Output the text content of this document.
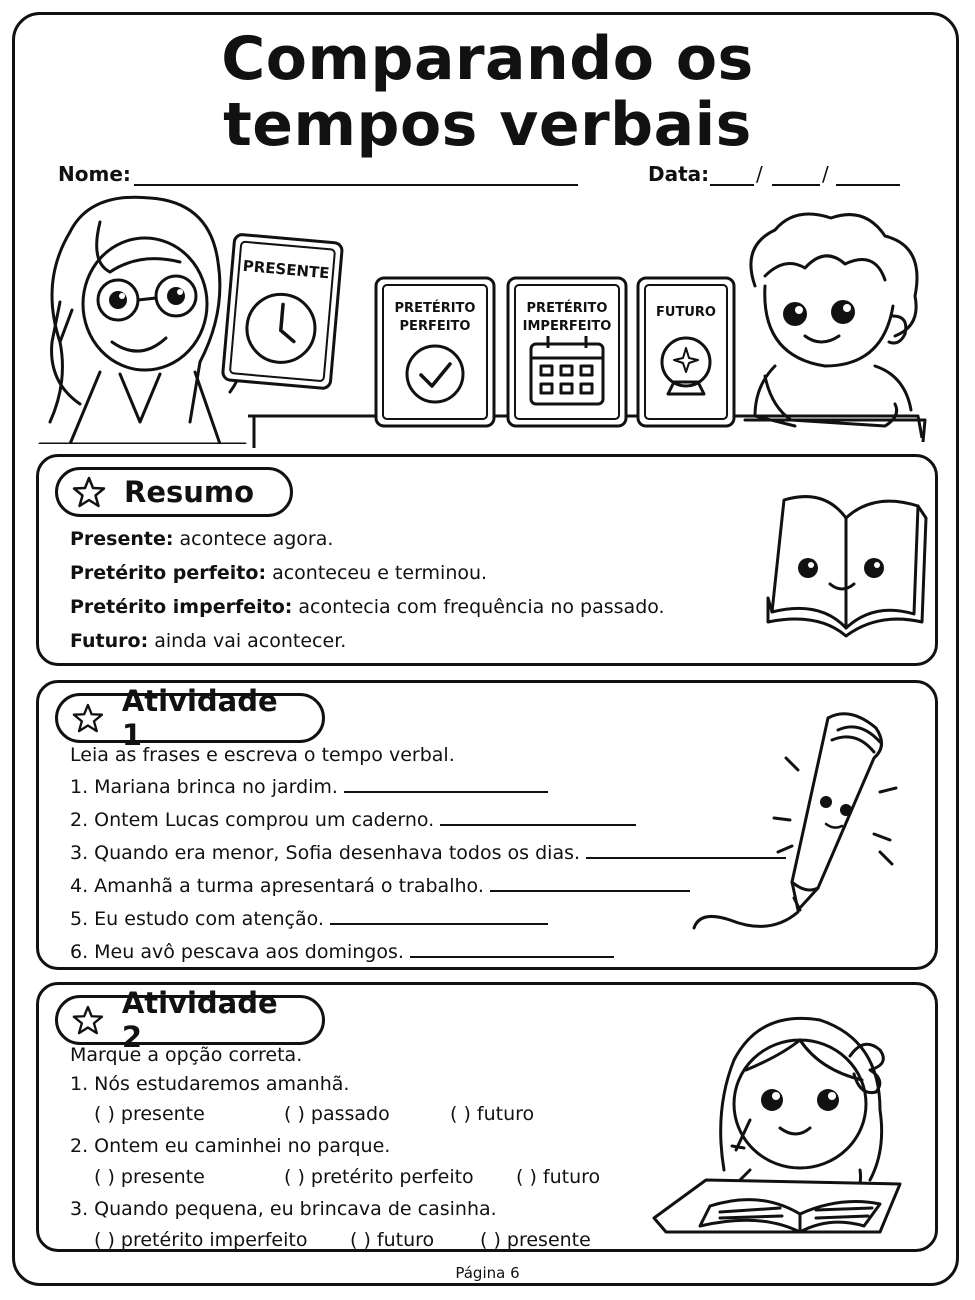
Comparando os
tempos verbais
Nome:	Data: /	/
PRESENTE
PRETÉRITO
PERFEITO
PRETÉRITO
IMPERFEITO
FUTURO
Resumo
Presente: acontece agora.
Pretérito perfeito: aconteceu e terminou.
Pretérito imperfeito: acontecia com frequência no passado.
Futuro: ainda vai acontecer.
Atividade 1
Leia as frases e escreva o tempo verbal.
1. Mariana brinca no jardim.
2. Ontem Lucas comprou um caderno.
3. Quando era menor, Sofia desenhava todos os dias.
4. Amanhã a turma apresentará o trabalho.
5. Eu estudo com atenção.
6. Meu avô pescava aos domingos.
Atividade 2
Marque a opção correta.
1. Nós estudaremos amanhã.
( ) presente	( ) passado	( ) futuro
2. Ontem eu caminhei no parque.
( ) presente	( ) pretérito perfeito ( ) futuro
3. Quando pequena, eu brincava de casinha.
( ) pretérito imperfeito ( ) futuro ( ) presente
Página 6
